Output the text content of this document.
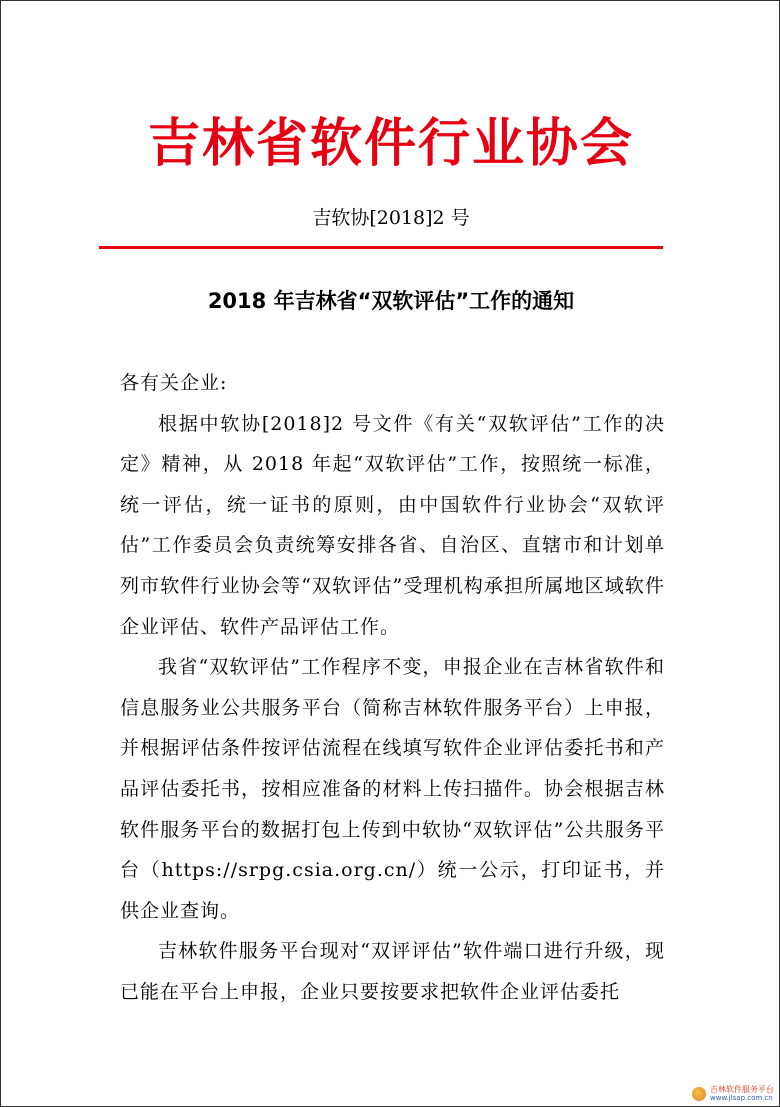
吉林省软件行业协会
吉软协[2018]2 号
2018 年吉林省“双软评估”工作的通知

各有关企业:

根据中软协[2018]2 号文件《有关“双软评估”工作的决定》精神，从 2018 年起“双软评估”工作，按照统一标准，统一评估，统一证书的原则，由中国软件行业协会“双软评估”工作委员会负责统筹安排各省、自治区、直辖市和计划单列市软件行业协会等“双软评估”受理机构承担所属地区域软件企业评估、软件产品评估工作。

我省“双软评估”工作程序不变，申报企业在吉林省软件和信息服务业公共服务平台（简称吉林软件服务平台）上申报，并根据评估条件按评估流程在线填写软件企业评估委托书和产品评估委托书，按相应准备的材料上传扫描件。协会根据吉林软件服务平台的数据打包上传到中软协“双软评估”公共服务平台（https://srpg.csia.org.cn/）统一公示，打印证书，并供企业查询。

吉林软件服务平台现对“双评评估”软件端口进行升级，现已能在平台上申报，企业只要按要求把软件企业评估委托

吉林软件服务平台
www.jlsap.com.cn
